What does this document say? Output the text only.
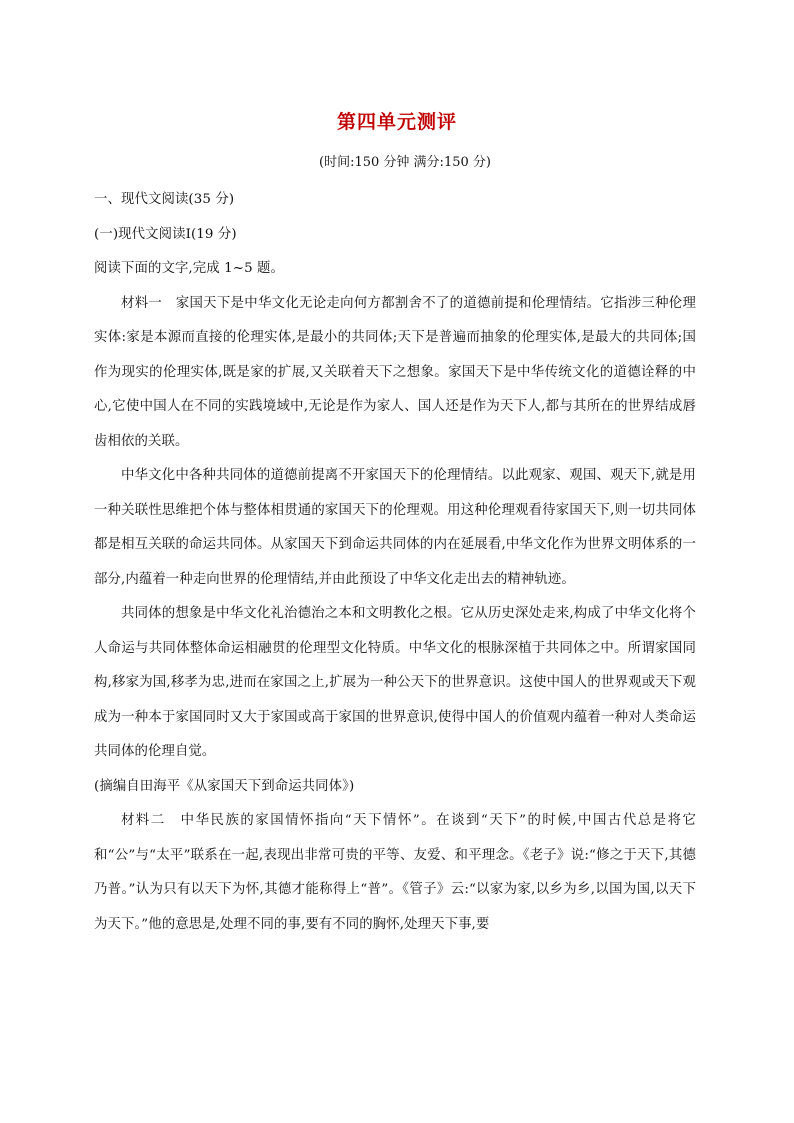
第四单元测评
(时间:150 分钟 满分:150 分)

一、现代文阅读(35 分)

(一)现代文阅读Ⅰ(19 分)

阅读下面的文字,完成 1~5 题。

材料一　家国天下是中华文化无论走向何方都割舍不了的道德前提和伦理情结。它指涉三种伦理实体:家是本源而直接的伦理实体,是最小的共同体;天下是普遍而抽象的伦理实体,是最大的共同体;国作为现实的伦理实体,既是家的扩展,又关联着天下之想象。家国天下是中华传统文化的道德诠释的中心,它使中国人在不同的实践境域中,无论是作为家人、国人还是作为天下人,都与其所在的世界结成唇齿相依的关联。

中华文化中各种共同体的道德前提离不开家国天下的伦理情结。以此观家、观国、观天下,就是用一种关联性思维把个体与整体相贯通的家国天下的伦理观。用这种伦理观看待家国天下,则一切共同体都是相互关联的命运共同体。从家国天下到命运共同体的内在延展看,中华文化作为世界文明体系的一部分,内蕴着一种走向世界的伦理情结,并由此预设了中华文化走出去的精神轨迹。

共同体的想象是中华文化礼治德治之本和文明教化之根。它从历史深处走来,构成了中华文化将个人命运与共同体整体命运相融贯的伦理型文化特质。中华文化的根脉深植于共同体之中。所谓家国同构,移家为国,移孝为忠,进而在家国之上,扩展为一种公天下的世界意识。这使中国人的世界观或天下观成为一种本于家国同时又大于家国或高于家国的世界意识,使得中国人的价值观内蕴着一种对人类命运共同体的伦理自觉。

(摘编自田海平《从家国天下到命运共同体》)

材料二　中华民族的家国情怀指向“天下情怀”。在谈到“天下”的时候,中国古代总是将它和“公”与“太平”联系在一起,表现出非常可贵的平等、友爱、和平理念。《老子》说:“修之于天下,其德乃普。”认为只有以天下为怀,其德才能称得上“普”。《管子》云:“以家为家,以乡为乡,以国为国,以天下为天下。”他的意思是,处理不同的事,要有不同的胸怀,处理天下事,要
